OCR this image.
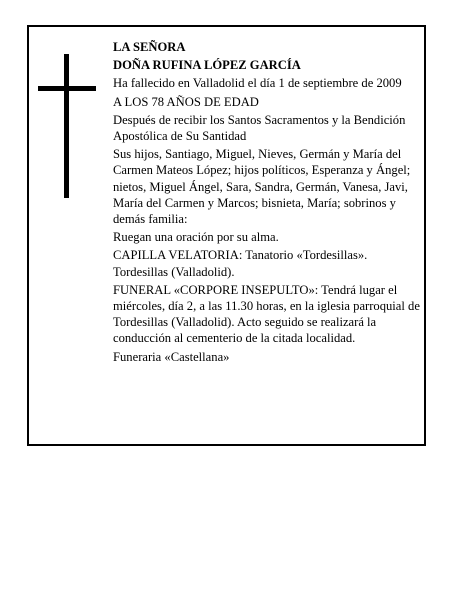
LA SEÑORA

DOÑA RUFINA LÓPEZ GARCÍA

Ha fallecido en Valladolid el día 1 de septiembre de 2009

A LOS 78 AÑOS DE EDAD

Después de recibir los Santos Sacramentos y la Bendición Apostólica de Su Santidad

Sus hijos, Santiago, Miguel, Nieves, Germán y María del Carmen Mateos López; hijos políticos, Esperanza y Ángel; nietos, Miguel Ángel, Sara, Sandra, Germán, Vanesa, Javi, María del Carmen y Marcos; bisnieta, María; sobrinos y demás familia:

Ruegan una oración por su alma.

CAPILLA VELATORIA: Tanatorio «Tordesillas». Tordesillas (Valladolid).

FUNERAL «CORPORE INSEPULTO»: Tendrá lugar el miércoles, día 2, a las 11.30 horas, en la iglesia parroquial de Tordesillas (Valladolid). Acto seguido se realizará la conducción al cementerio de la citada localidad.

Funeraria «Castellana»
